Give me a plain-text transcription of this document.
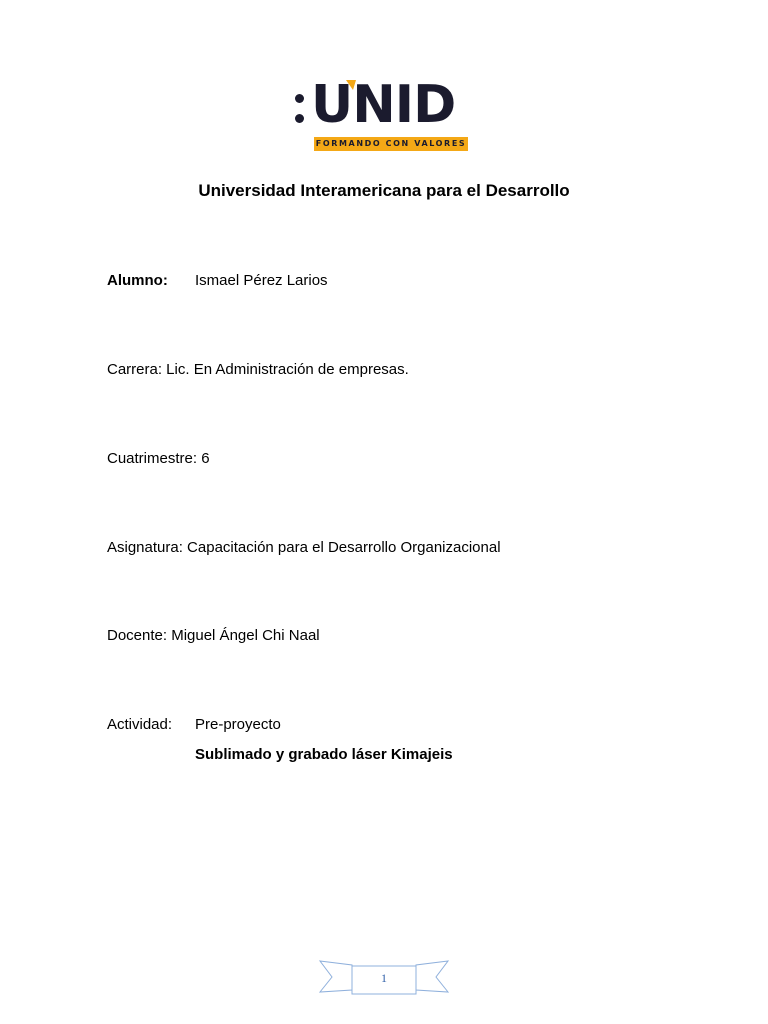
UNID
FORMANDO CON VALORES
Universidad Interamericana para el Desarrollo
Alumno: Ismael Pérez Larios
Carrera: Lic. En Administración de empresas.
Cuatrimestre: 6
Asignatura: Capacitación para el Desarrollo Organizacional
Docente: Miguel Ángel Chi Naal
Actividad: Pre-proyecto
Sublimado y grabado láser Kimajeis
1
